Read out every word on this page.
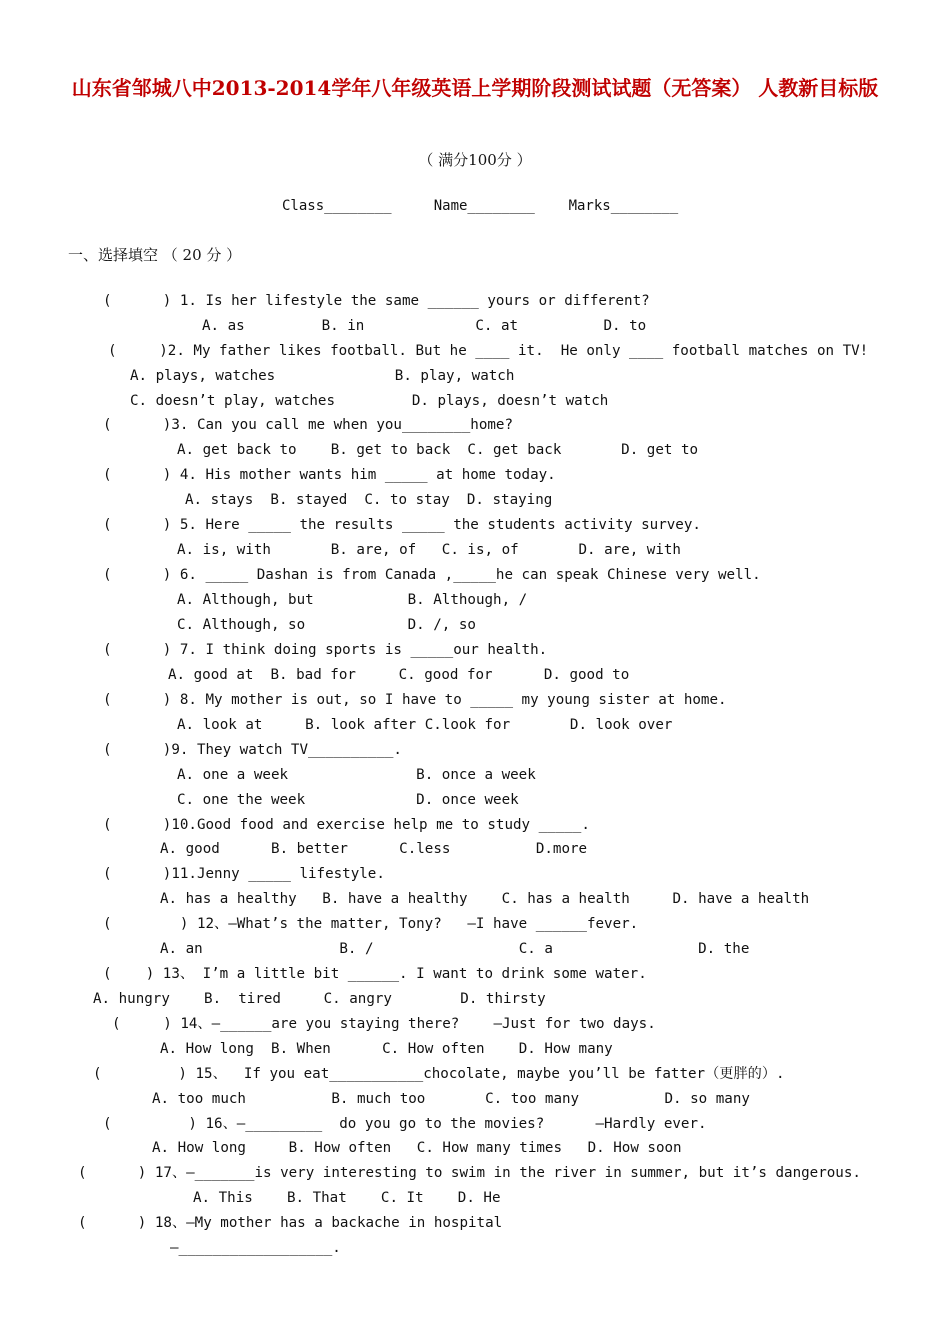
山东省邹城八中2013-2014学年八年级英语上学期阶段测试试题（无答案） 人教新目标版
（ 满分100分 ）
Class________     Name________    Marks________
一、选择填空 （ 20 分 ）
(      ) 1. Is her lifestyle the same ______ yours or different?
A. as         B. in             C. at          D. to
(     )2. My father likes football. But he ____ it.  He only ____ football matches on TV!
A. plays, watches              B. play, watch
C. doesn’t play, watches         D. plays, doesn’t watch
(      )3. Can you call me when you________home?
A. get back to    B. get to back  C. get back       D. get to
(      ) 4. His mother wants him _____ at home today.
A. stays  B. stayed  C. to stay  D. staying
(      ) 5. Here _____ the results _____ the students activity survey.
A. is, with       B. are, of   C. is, of       D. are, with
(      ) 6. _____ Dashan is from Canada ,_____he can speak Chinese very well.
A. Although, but           B. Although, /
C. Although, so            D. /, so
(      ) 7. I think doing sports is _____our health.
A. good at  B. bad for     C. good for      D. good to
(      ) 8. My mother is out, so I have to _____ my young sister at home.
A. look at     B. look after C.look for       D. look over
(      )9. They watch TV__________.
A. one a week               B. once a week
C. one the week             D. once week
(      )10.Good food and exercise help me to study _____.
A. good      B. better      C.less          D.more
(      )11.Jenny _____ lifestyle.
A. has a healthy   B. have a healthy    C. has a health     D. have a health
(        ) 12、—What’s the matter, Tony?   —I have ______fever.
A. an                B. /                 C. a                 D. the
(    ) 13、 I’m a little bit ______. I want to drink some water.
A. hungry    B.  tired     C. angry        D. thirsty
(     ) 14、—______are you staying there?    —Just for two days.
A. How long  B. When      C. How often    D. How many
(         ) 15、  If you eat___________chocolate, maybe you’ll be fatter（更胖的）.
A. too much          B. much too       C. too many          D. so many
(         ) 16、—_________  do you go to the movies?      —Hardly ever.
A. How long     B. How often   C. How many times   D. How soon
(      ) 17、—_______is very interesting to swim in the river in summer, but it’s dangerous.
A. This    B. That    C. It    D. He
(      ) 18、—My mother has a backache in hospital
—__________________.
